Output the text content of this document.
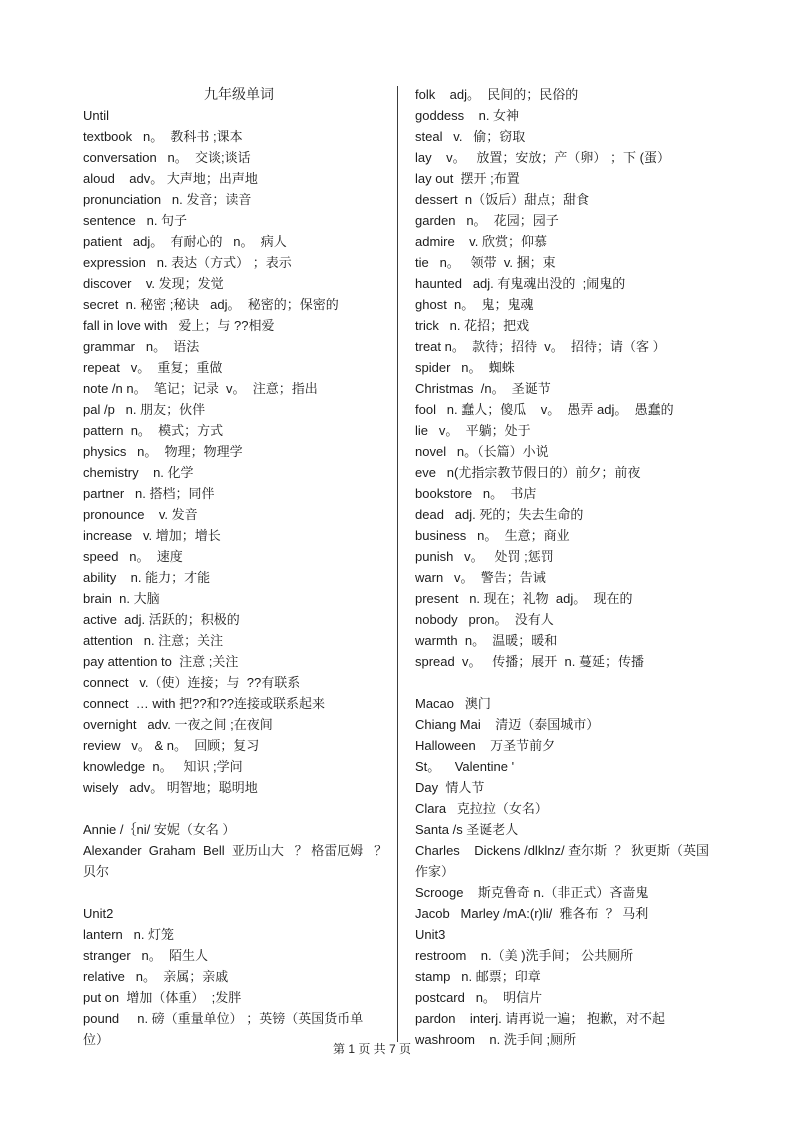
九年级单词
Until
textbook   n。  教科书 ;课本
conversation   n。  交谈;谈话
aloud    adv。 大声地；出声地
pronunciation   n. 发音；读音
sentence   n. 句子
patient   adj。  有耐心的   n。  病人
expression   n. 表达（方式） ；表示
discover    v. 发现；发觉
secret  n. 秘密 ;秘诀   adj。  秘密的；保密的
fall in love with   爱上；与 ??相爱
grammar   n。  语法
repeat   v。  重复；重做
note /n n。  笔记；记录  v。  注意；指出
pal /p   n. 朋友；伙伴
pattern  n。  模式；方式
physics   n。  物理；物理学
chemistry    n. 化学
partner   n. 搭档；同伴
pronounce    v. 发音
increase   v. 增加；增长
speed   n。  速度
ability    n. 能力；才能
brain  n. 大脑
active  adj. 活跃的；积极的
attention   n. 注意；关注
pay attention to  注意 ;关注
connect   v.（使）连接；与  ??有联系
connect  … with 把??和??连接或联系起来
overnight   adv. 一夜之间 ;在夜间
review   v。 & n。  回顾；复习
knowledge  n。   知识 ;学问
wisely   adv。 明智地；聪明地
Annie /｛ni/ 安妮（女名 ）
Alexander  Graham  Bell  亚历山大   ？ 格雷厄姆   ？
贝尔
Unit2
lantern   n. 灯笼
stranger   n。  陌生人
relative   n。  亲属；亲戚
put on  增加（体重）  ;发胖
pound     n. 磅（重量单位） ；英镑（英国货币单
位）
folk    adj。  民间的；民俗的
goddess    n. 女神
steal   v.   偷；窃取
lay    v。   放置；安放；产（卵） ；下 (蛋）
lay out  摆开 ;布置
dessert  n（饭后）甜点；甜食
garden   n。  花园；园子
admire    v. 欣赏；仰慕
tie   n。   领带  v. 捆；束
haunted   adj. 有鬼魂出没的  ;闹鬼的
ghost  n。  鬼；鬼魂
trick   n. 花招；把戏
treat n。  款待；招待  v。  招待；请（客 ）
spider   n。  蜘蛛
Christmas  /n。  圣诞节
fool   n. 蠢人；傻瓜    v。  愚弄 adj。  愚蠢的
lie   v。  平躺；处于
novel   n。（长篇）小说
eve   n(尤指宗教节假日的）前夕；前夜
bookstore   n。  书店
dead   adj. 死的；失去生命的
business   n。  生意；商业
punish   v。   处罚 ;惩罚
warn   v。  警告；告诫
present   n. 现在；礼物  adj。  现在的
nobody   pron。  没有人
warmth  n。  温暖；暖和
spread  v。   传播；展开  n. 蔓延；传播
Macao   澳门
Chiang Mai    清迈（泰国城市）
Halloween    万圣节前夕
St。    Valentine '
Day  情人节
Clara   克拉拉（女名）
Santa /s 圣诞老人
Charles    Dickens /dlklnz/ 查尔斯  ？ 狄更斯（英国
作家）
Scrooge    斯克鲁奇 n.（非正式）吝啬鬼
Jacob   Marley /mA:(r)li/  雅各布  ？ 马利
Unit3
restroom    n.（美 )洗手间； 公共厕所
stamp   n. 邮票；印章
postcard   n。  明信片
pardon    interj. 请再说一遍； 抱歉，对不起
washroom    n. 洗手间 ;厕所
第 1 页 共 7 页
